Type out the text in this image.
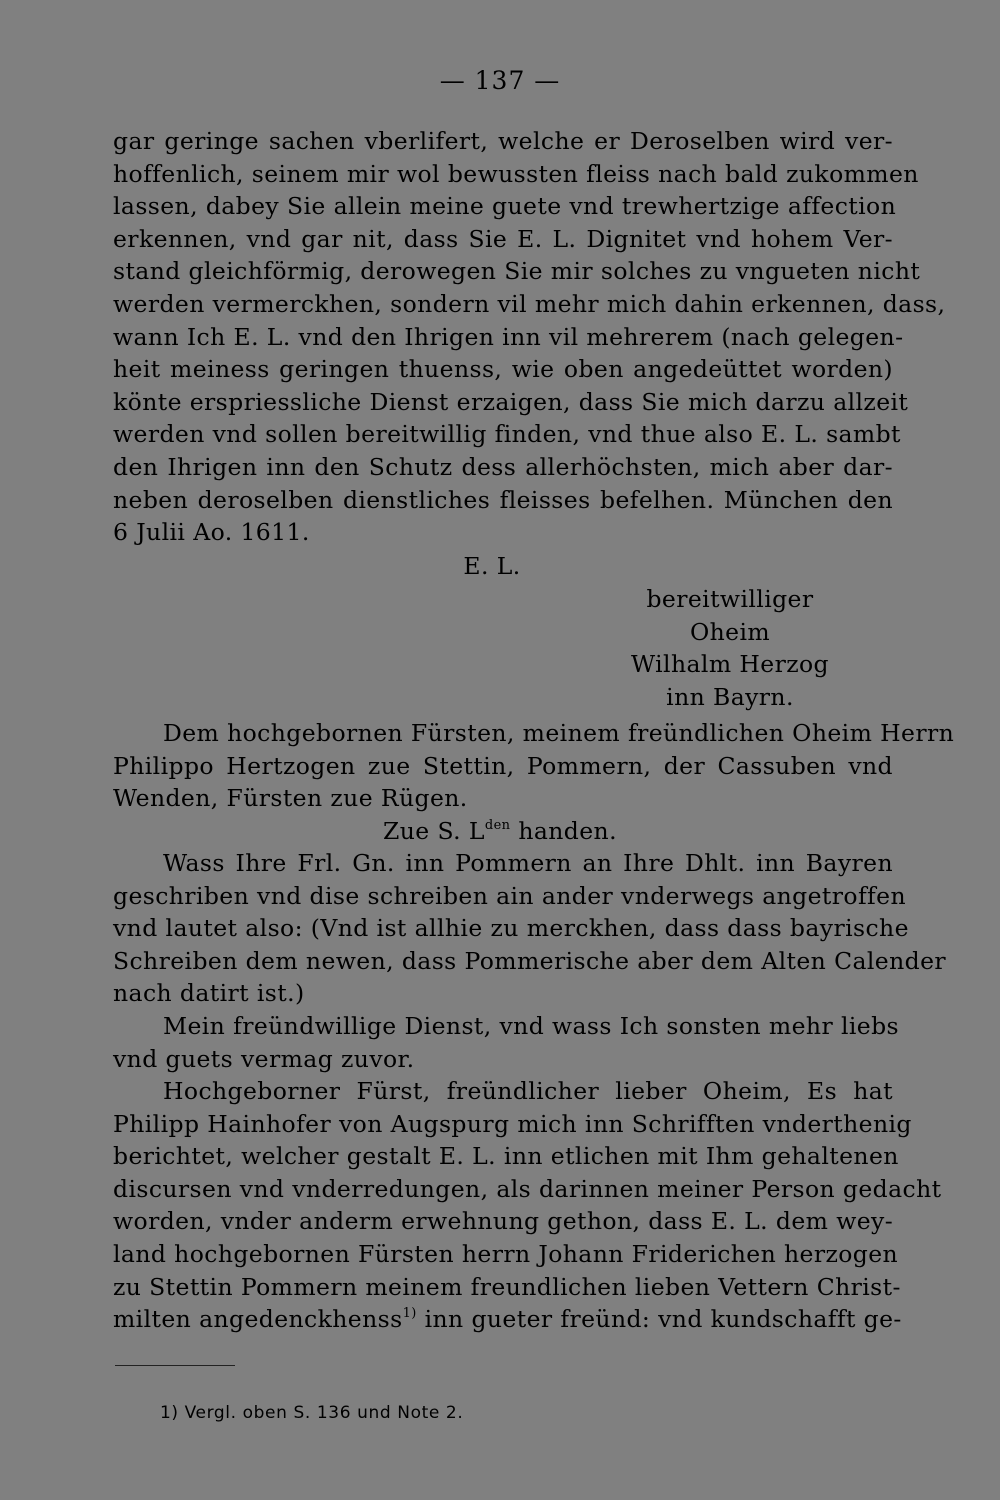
— 137 —
gar geringe sachen vberlifert, welche er Deroselben wird ver-
hoffenlich, seinem mir wol bewussten fleiss nach bald zukommen
lassen, dabey Sie allein meine guete vnd trewhertzige affection
erkennen, vnd gar nit, dass Sie E. L. Dignitet vnd hohem Ver-
stand gleichförmig, derowegen Sie mir solches zu vngueten nicht
werden vermerckhen, sondern vil mehr mich dahin erkennen, dass,
wann Ich E. L. vnd den Ihrigen inn vil mehrerem (nach gelegen-
heit meiness geringen thuenss, wie oben angedeüttet worden)
könte erspriessliche Dienst erzaigen, dass Sie mich darzu allzeit
werden vnd sollen bereitwillig finden, vnd thue also E. L. sambt
den Ihrigen inn den Schutz dess allerhöchsten, mich aber dar-
neben deroselben dienstliches fleisses befelhen. München den
6 Julii Ao. 1611.
E. L.
bereitwilliger
Oheim
Wilhalm Herzog
inn Bayrn.
Dem hochgebornen Fürsten, meinem freündlichen Oheim Herrn
Philippo Hertzogen zue Stettin, Pommern, der Cassuben vnd
Wenden, Fürsten zue Rügen.
Zue S. $L^{den}$ handen.
Wass Ihre Frl. Gn. inn Pommern an Ihre Dhlt. inn Bayren
geschriben vnd dise schreiben ain ander vnderwegs angetroffen
vnd lautet also: (Vnd ist allhie zu merckhen, dass dass bayrische
Schreiben dem newen, dass Pommerische aber dem Alten Calender
nach datirt ist.)
Mein freündwillige Dienst, vnd wass Ich sonsten mehr liebs
vnd guets vermag zuvor.
Hochgeborner Fürst, freündlicher lieber Oheim, Es hat
Philipp Hainhofer von Augspurg mich inn Schrifften vnderthenig
berichtet, welcher gestalt E. L. inn etlichen mit Ihm gehaltenen
discursen vnd vnderredungen, als darinnen meiner Person gedacht
worden, vnder anderm erwehnung gethon, dass E. L. dem wey-
land hochgebornen Fürsten herrn Johann Friderichen herzogen
zu Stettin Pommern meinem freundlichen lieben Vettern Christ-
milten angedenckhenss$^{1)}$ inn gueter freünd: vnd kundschafft ge-
1) Vergl. oben S. 136 und Note 2.
